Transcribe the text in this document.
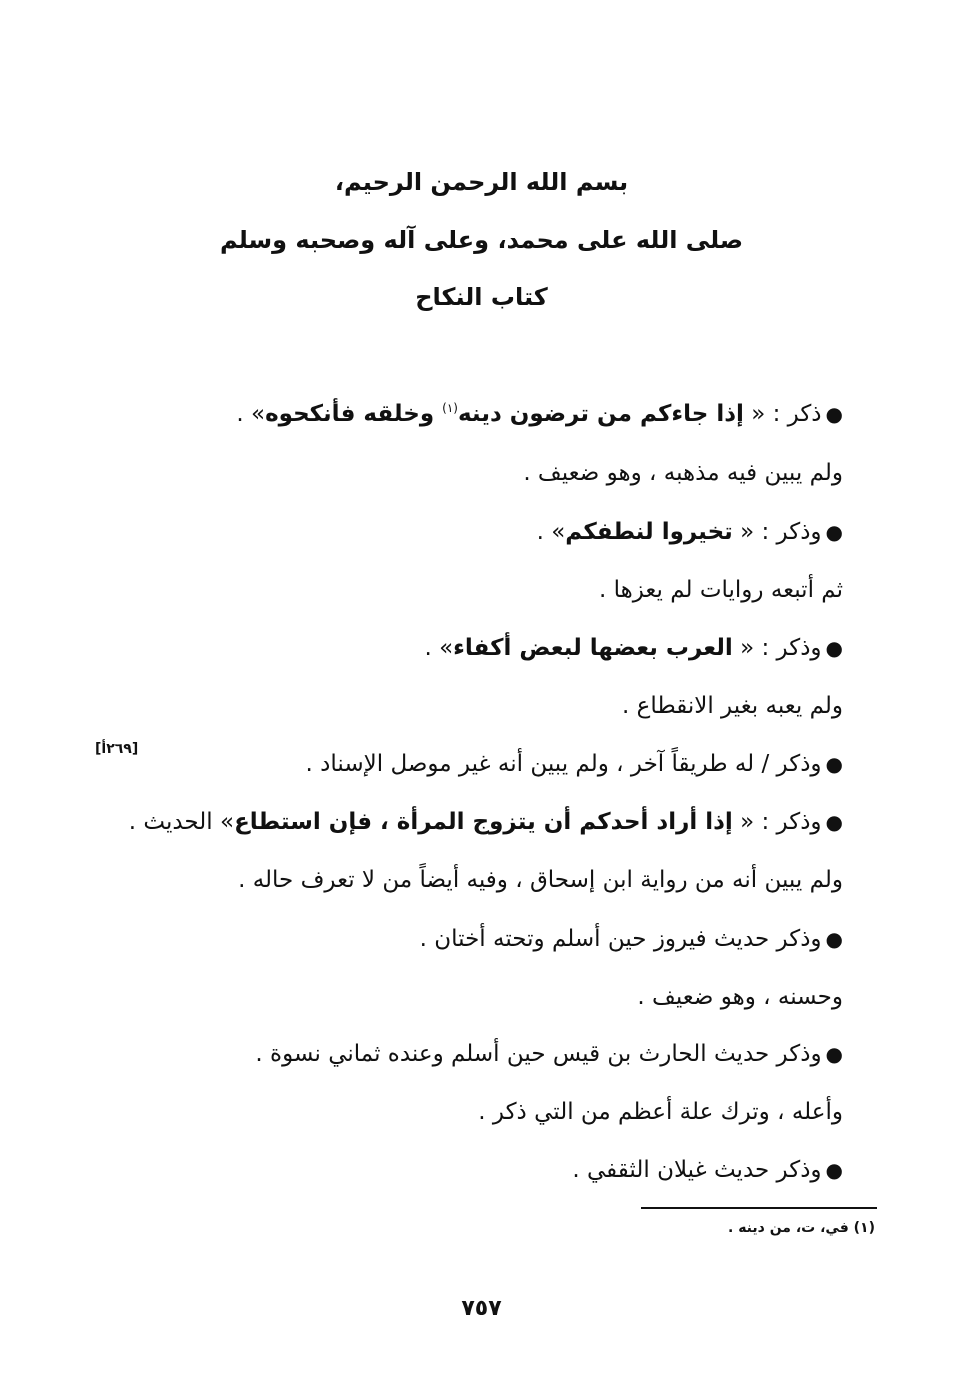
بسم الله الرحمن الرحيم،
صلى الله على محمد، وعلى آله وصحبه وسلم
كتاب النكاح
●ذكر : « إذا جاءكم من ترضون دينه$^{(١)}$ وخلقه فأنكحوه» .
ولم يبين فيه مذهبه ، وهو ضعيف .
●وذكر : « تخيروا لنطفكم» .
ثم أتبعه روايات لم يعزها .
●وذكر : « العرب بعضها لبعض أكفاء» .
ولم يعبه بغير الانقطاع .
●وذكر / له طريقاً آخر ، ولم يبين أنه غير موصل الإسناد .
●وذكر : « إذا أراد أحدكم أن يتزوج المرأة ، فإن استطاع» الحديث .
ولم يبين أنه من رواية ابن إسحاق ، وفيه أيضاً من لا تعرف حاله .
●وذكر حديث فيروز حين أسلم وتحته أختان .
وحسنه ، وهو ضعيف .
●وذكر حديث الحارث بن قيس حين أسلم وعنده ثماني نسوة .
وأعله ، وترك علة أعظم من التي ذكر .
●وذكر حديث غيلان الثقفي .
[٢٦٩أ]
(١) في، ت، من دينه .
٧٥٧
